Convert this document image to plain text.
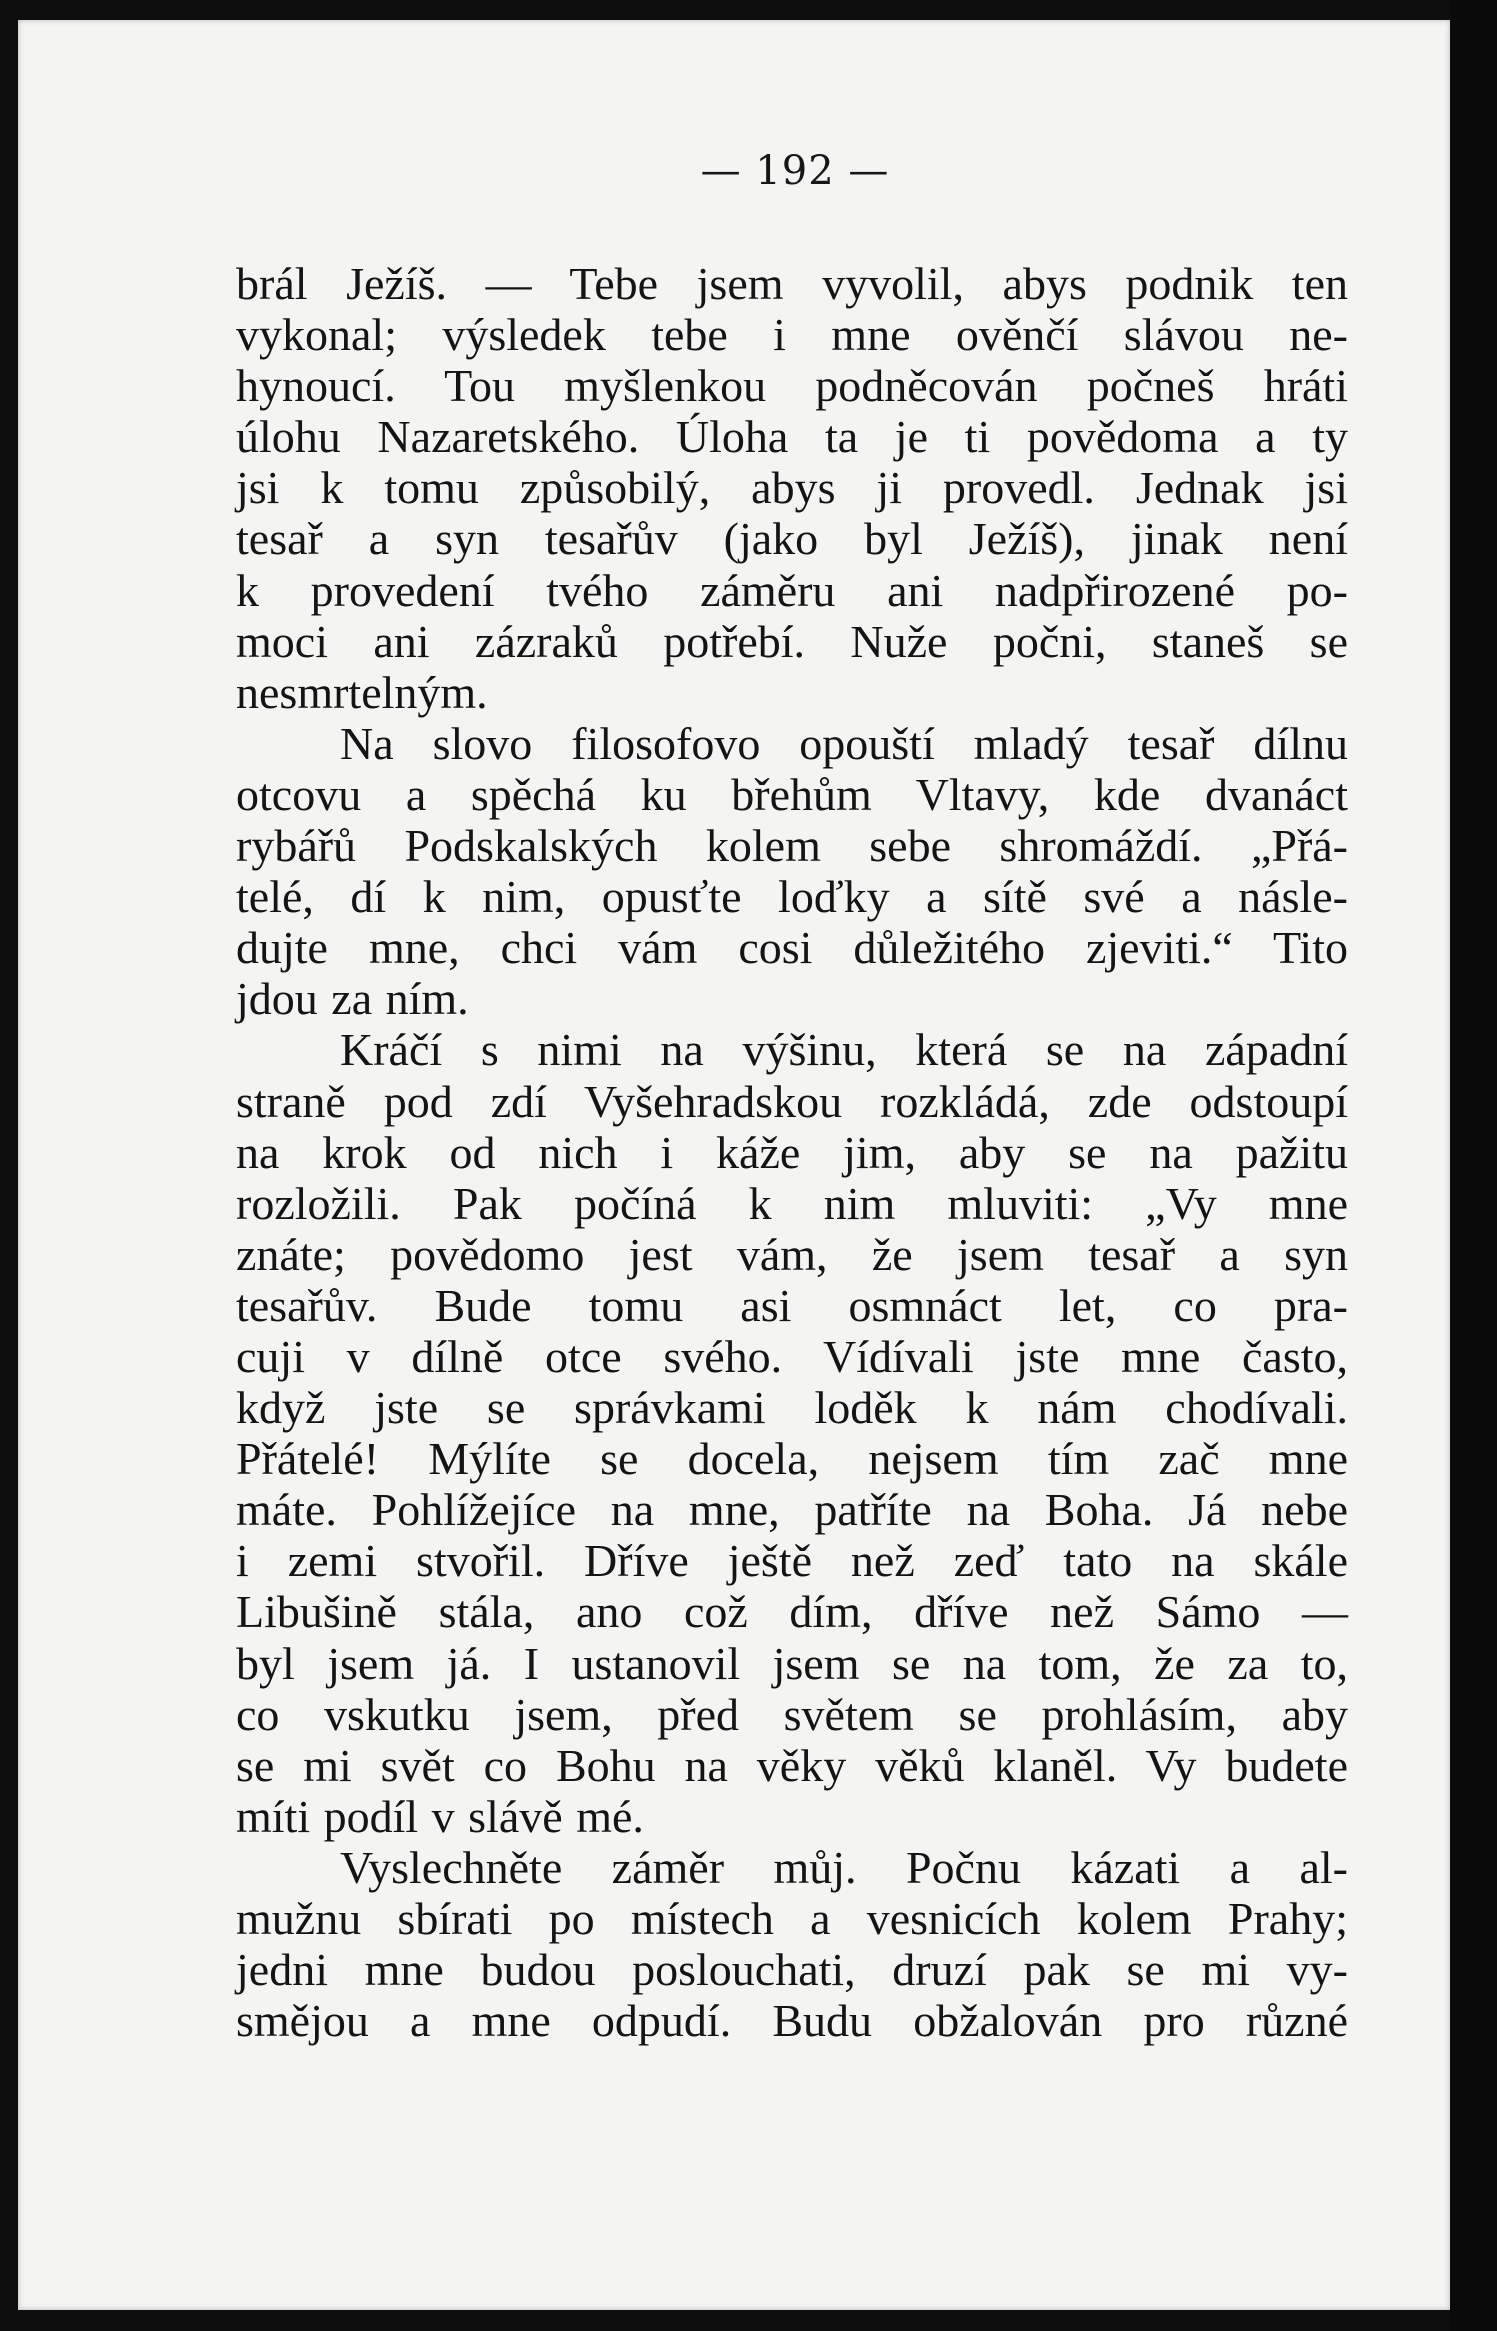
— 192 —
brál Ježíš. — Tebe jsem vyvolil, abys podnik ten
vykonal; výsledek tebe i mne ověnčí slávou ne-
hynoucí. Tou myšlenkou podněcován počneš hráti
úlohu Nazaretského. Úloha ta je ti povědoma a ty
jsi k tomu způsobilý, abys ji provedl. Jednak jsi
tesař a syn tesařův (jako byl Ježíš), jinak není
k provedení tvého záměru ani nadpřirozené po-
moci ani zázraků potřebí. Nuže počni, staneš se
nesmrtelným.
Na slovo filosofovo opouští mladý tesař dílnu
otcovu a spěchá ku břehům Vltavy, kde dvanáct
rybářů Podskalských kolem sebe shromáždí. „Přá-
telé, dí k nim, opusťte loďky a sítě své a násle-
dujte mne, chci vám cosi důležitého zjeviti.“ Tito
jdou za ním.
Kráčí s nimi na výšinu, která se na západní
straně pod zdí Vyšehradskou rozkládá, zde odstoupí
na krok od nich i káže jim, aby se na pažitu
rozložili. Pak počíná k nim mluviti: „Vy mne
znáte; povědomo jest vám, že jsem tesař a syn
tesařův. Bude tomu asi osmnáct let, co pra-
cuji v dílně otce svého. Vídívali jste mne často,
když jste se správkami loděk k nám chodívali.
Přátelé! Mýlíte se docela, nejsem tím zač mne
máte. Pohlížejíce na mne, patříte na Boha. Já nebe
i zemi stvořil. Dříve ještě než zeď tato na skále
Libušině stála, ano což dím, dříve než Sámo —
byl jsem já. I ustanovil jsem se na tom, že za to,
co vskutku jsem, před světem se prohlásím, aby
se mi svět co Bohu na věky věků klaněl. Vy budete
míti podíl v slávě mé.
Vyslechněte záměr můj. Počnu kázati a al-
mužnu sbírati po místech a vesnicích kolem Prahy;
jedni mne budou poslouchati, druzí pak se mi vy-
smějou a mne odpudí. Budu obžalován pro různé
